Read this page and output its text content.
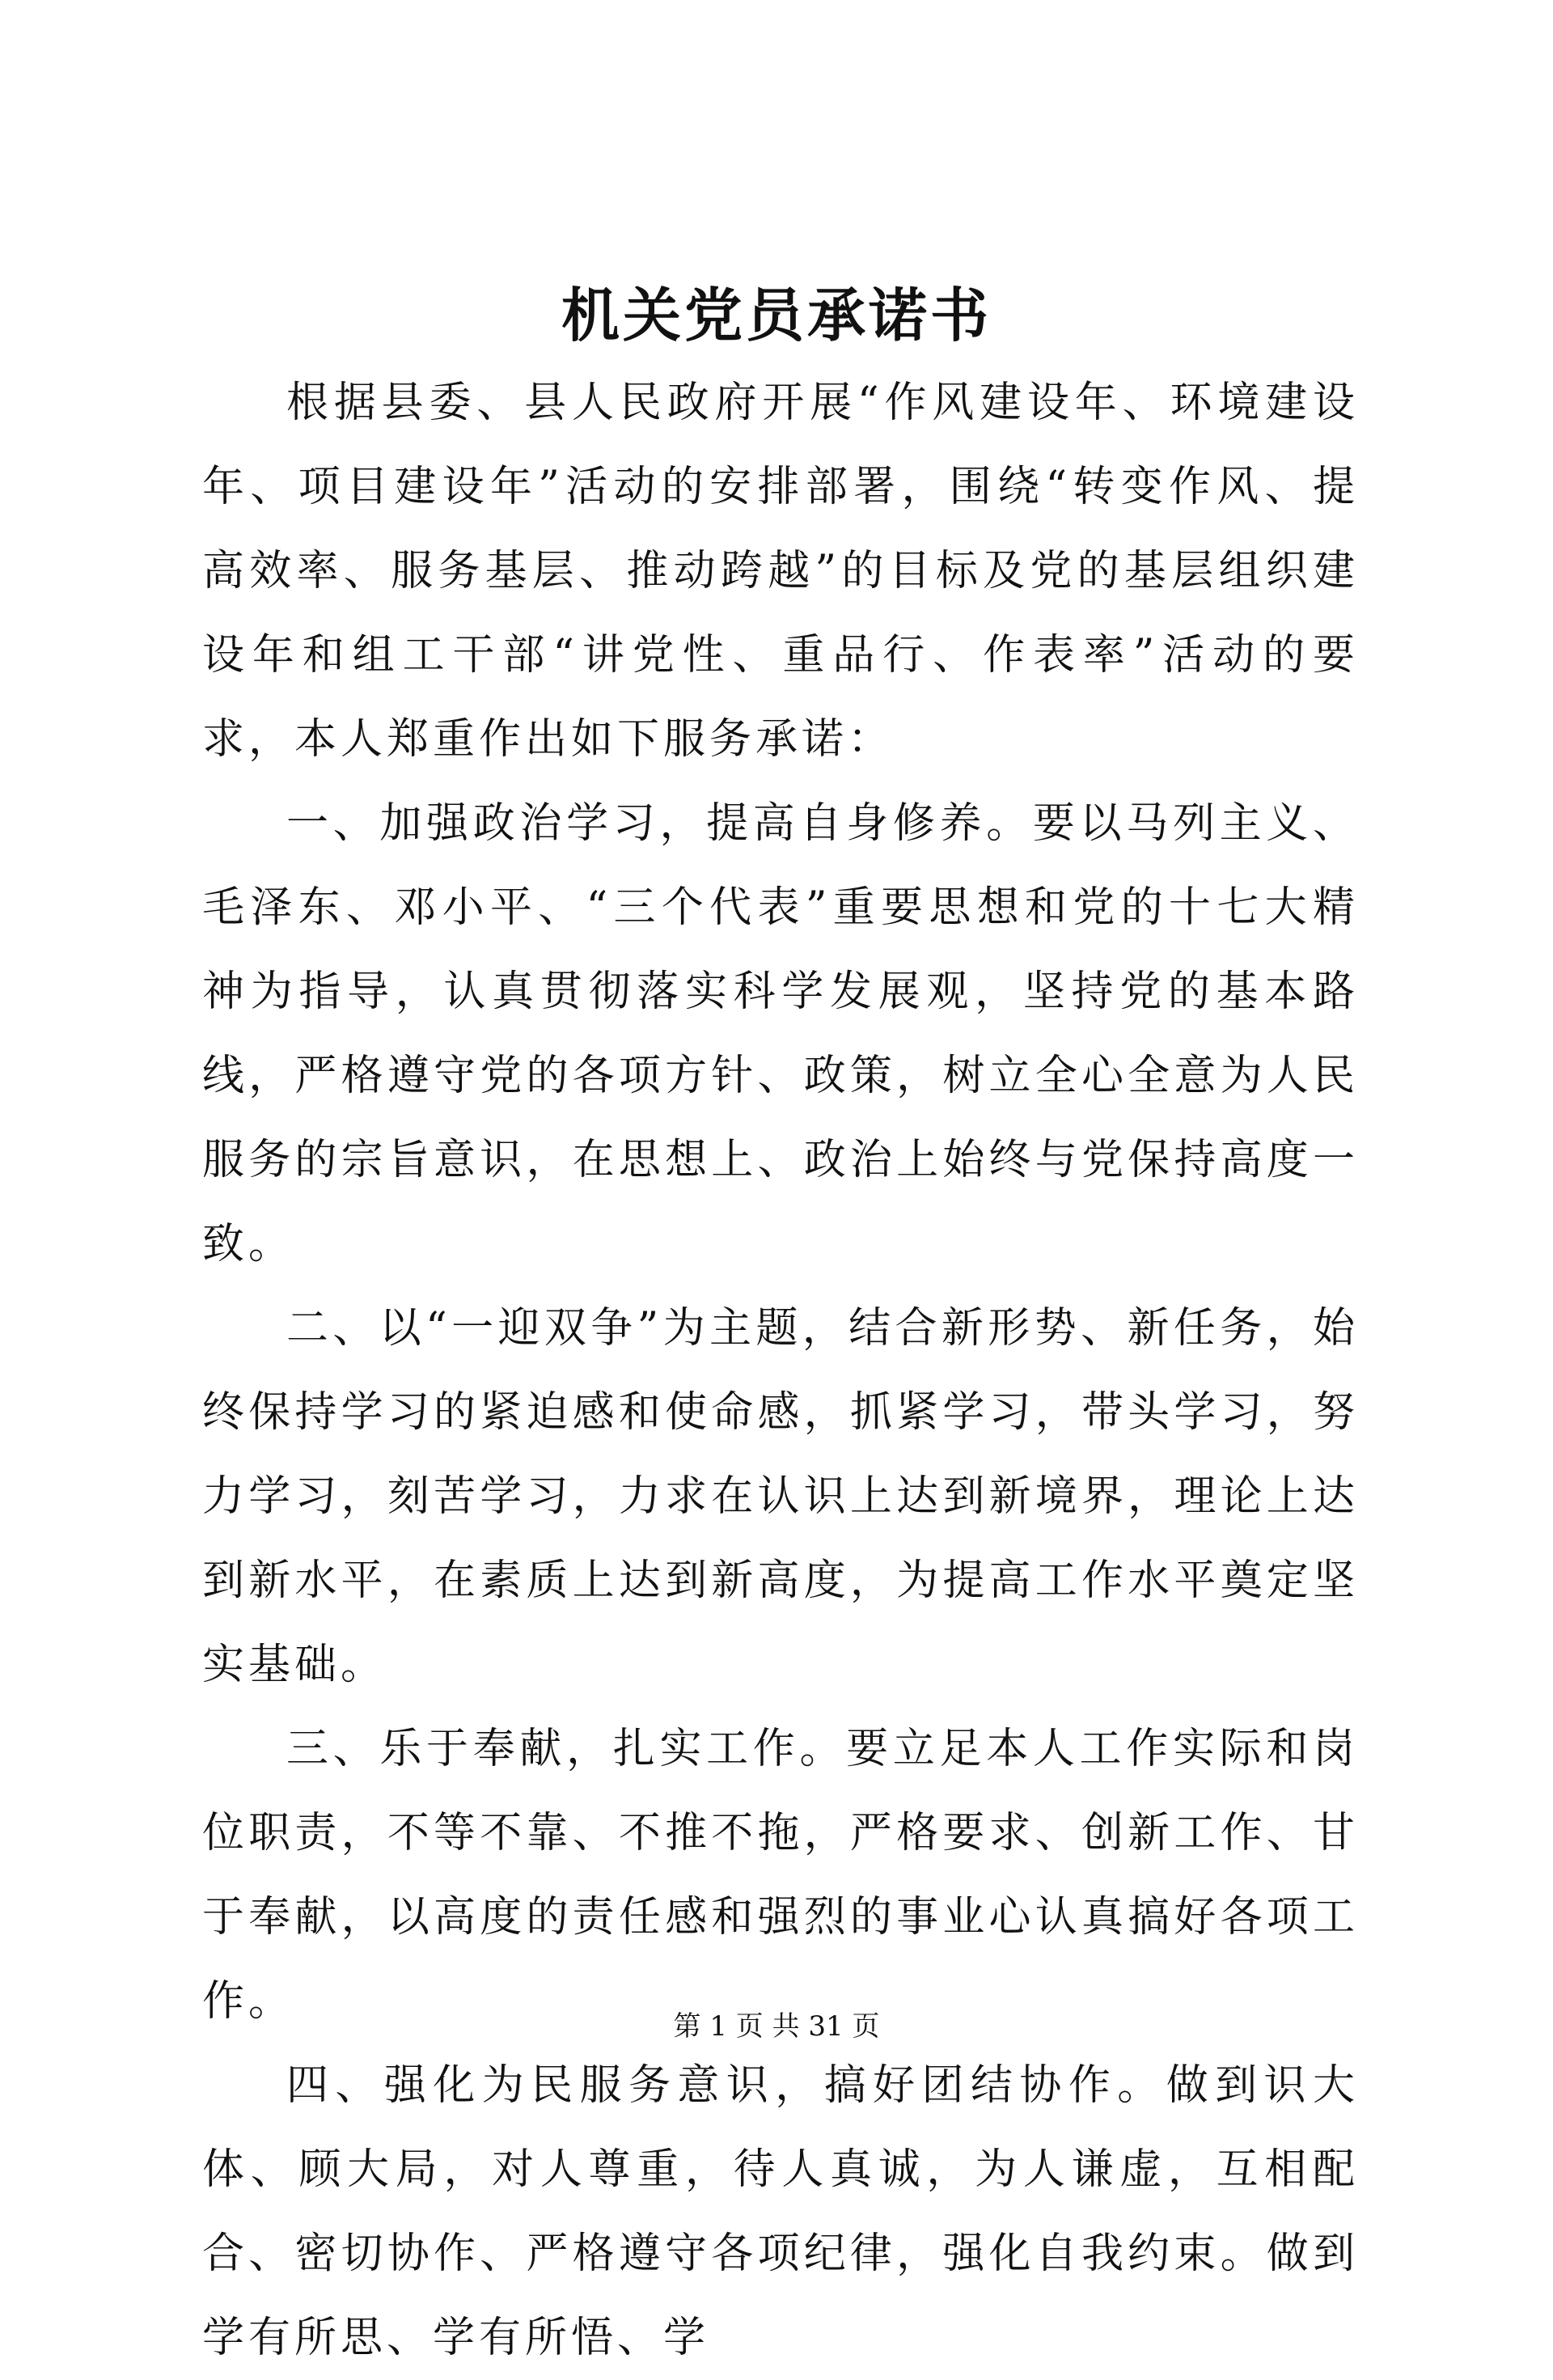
机关党员承诺书

根据县委、县人民政府开展“作风建设年、环境建设年、项目建设年”活动的安排部署，围绕“转变作风、提高效率、服务基层、推动跨越”的目标及党的基层组织建设年和组工干部“讲党性、重品行、作表率”活动的要求，本人郑重作出如下服务承诺：

一、加强政治学习，提高自身修养。要以马列主义、毛泽东、邓小平、“三个代表”重要思想和党的十七大精神为指导，认真贯彻落实科学发展观，坚持党的基本路线，严格遵守党的各项方针、政策，树立全心全意为人民服务的宗旨意识，在思想上、政治上始终与党保持高度一致。

二、以“一迎双争”为主题，结合新形势、新任务，始终保持学习的紧迫感和使命感，抓紧学习，带头学习，努力学习，刻苦学习，力求在认识上达到新境界，理论上达到新水平，在素质上达到新高度，为提高工作水平奠定坚实基础。

三、乐于奉献，扎实工作。要立足本人工作实际和岗位职责，不等不靠、不推不拖，严格要求、创新工作、甘于奉献，以高度的责任感和强烈的事业心认真搞好各项工作。

四、强化为民服务意识，搞好团结协作。做到识大体、顾大局，对人尊重，待人真诚，为人谦虚，互相配合、密切协作、严格遵守各项纪律，强化自我约束。做到学有所思、学有所悟、学

第 1 页 共 31 页
